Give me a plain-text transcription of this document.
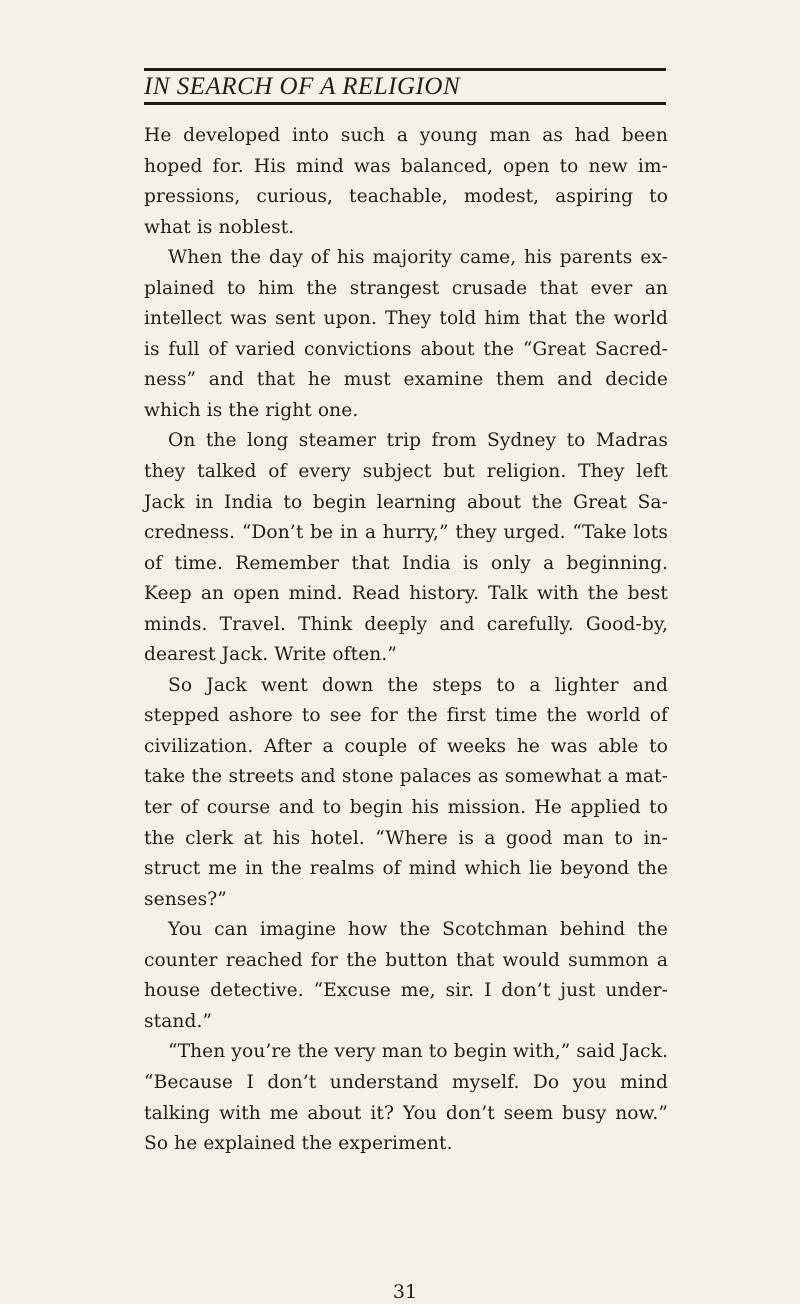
IN SEARCH OF A RELIGION

He developed into such a young man as had been hoped for. His mind was balanced, open to new im-pressions, curious, teachable, modest, aspiring to what is noblest.

When the day of his majority came, his parents ex-plained to him the strangest crusade that ever an intellect was sent upon. They told him that the world is full of varied convictions about the “Great Sacred-ness” and that he must examine them and decide which is the right one.

On the long steamer trip from Sydney to Madras they talked of every subject but religion. They left Jack in India to begin learning about the Great Sa-credness. “Don’t be in a hurry,” they urged. “Take lots of time. Remember that India is only a beginning. Keep an open mind. Read history. Talk with the best minds. Travel. Think deeply and carefully. Good-by, dearest Jack. Write often.”

So Jack went down the steps to a lighter and stepped ashore to see for the first time the world of civilization. After a couple of weeks he was able to take the streets and stone palaces as somewhat a mat-ter of course and to begin his mission. He applied to the clerk at his hotel. “Where is a good man to in-struct me in the realms of mind which lie beyond the senses?”

You can imagine how the Scotchman behind the counter reached for the button that would summon a house detective. “Excuse me, sir. I don’t just under-stand.”

“Then you’re the very man to begin with,” said Jack. “Because I don’t understand myself. Do you mind talking with me about it? You don’t seem busy now.” So he explained the experiment.

31
